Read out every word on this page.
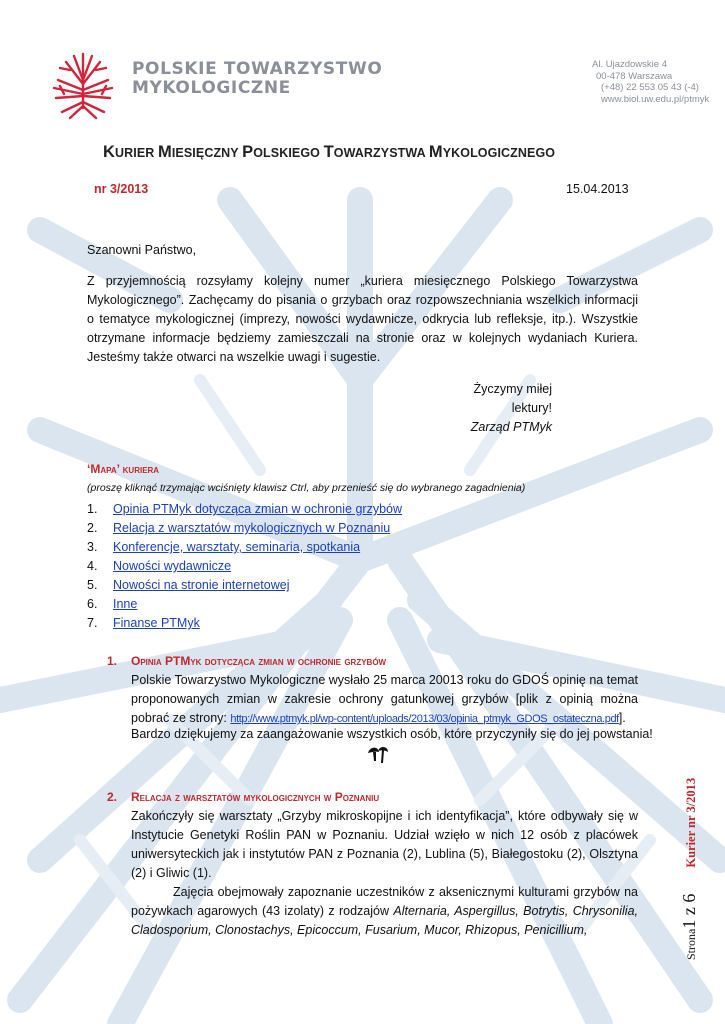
POLSKIE TOWARZYSTWO
MYKOLOGICZNE
Al. Ujazdowskie 4
00-478 Warszawa
(+48) 22 553 05 43 (-4)
www.biol.uw.edu.pl/ptmyk
KURIER MIESIĘCZNY POLSKIEGO TOWARZYSTWA MYKOLOGICZNEGO
nr 3/2013	15.04.2013
Szanowni Państwo,
Z przyjemnością rozsyłamy kolejny numer „kuriera miesięcznego Polskiego Towarzystwa Mykologicznego”. Zachęcamy do pisania o grzybach oraz rozpowszechniania wszelkich informacji o tematyce mykologicznej (imprezy, nowości wydawnicze, odkrycia lub refleksje, itp.). Wszystkie otrzymane informacje będziemy zamieszczali na stronie oraz w kolejnych wydaniach Kuriera. Jesteśmy także otwarci na wszelkie uwagi i sugestie.
Życzymy miłej lektury!
Zarząd PTMyk
‘Mapa’ kuriera
(proszę kliknąć trzymając wciśnięty klawisz Ctrl, aby przenieść się do wybranego zagadnienia)
1. Opinia PTMyk dotycząca zmian w ochronie grzybów
2. Relacja z warsztatów mykologicznych w Poznaniu
3. Konferencje, warsztaty, seminaria, spotkania
4. Nowości wydawnicze
5. Nowości na stronie internetowej
6. Inne
7. Finanse PTMyk
1. Opinia PTMyk dotycząca zmian w ochronie grzybów
Polskie Towarzystwo Mykologiczne wysłało 25 marca 20013 roku do GDOŚ opinię na temat proponowanych zmian w zakresie ochrony gatunkowej grzybów [plik z opinią można pobrać ze strony: http://www.ptmyk.pl/wp-content/uploads/2013/03/opinia_ptmyk_GDOS_ostateczna.pdf].
Bardzo dziękujemy za zaangażowanie wszystkich osób, które przyczyniły się do jej powstania!
2. Relacja z warsztatów mykologicznych w Poznaniu

Zakończyły się warsztaty „Grzyby mikroskopijne i ich identyfikacja”, które odbywały się w Instytucie Genetyki Roślin PAN w Poznaniu. Udział wzięło w nich 12 osób z placówek uniwersyteckich jak i instytutów PAN z Poznania (2), Lublina (5), Białegostoku (2), Olsztyna (2) i Gliwic (1).

Zajęcia obejmowały zapoznanie uczestników z aksenicznymi kulturami grzybów na pożywkach agarowych (43 izolaty) z rodzajów Alternaria, Aspergillus, Botrytis, Chrysonilia, Cladosporium, Clonostachys, Epicoccum, Fusarium, Mucor, Rhizopus, Penicillium,	Strona1 z 6Kurier nr 3/2013
